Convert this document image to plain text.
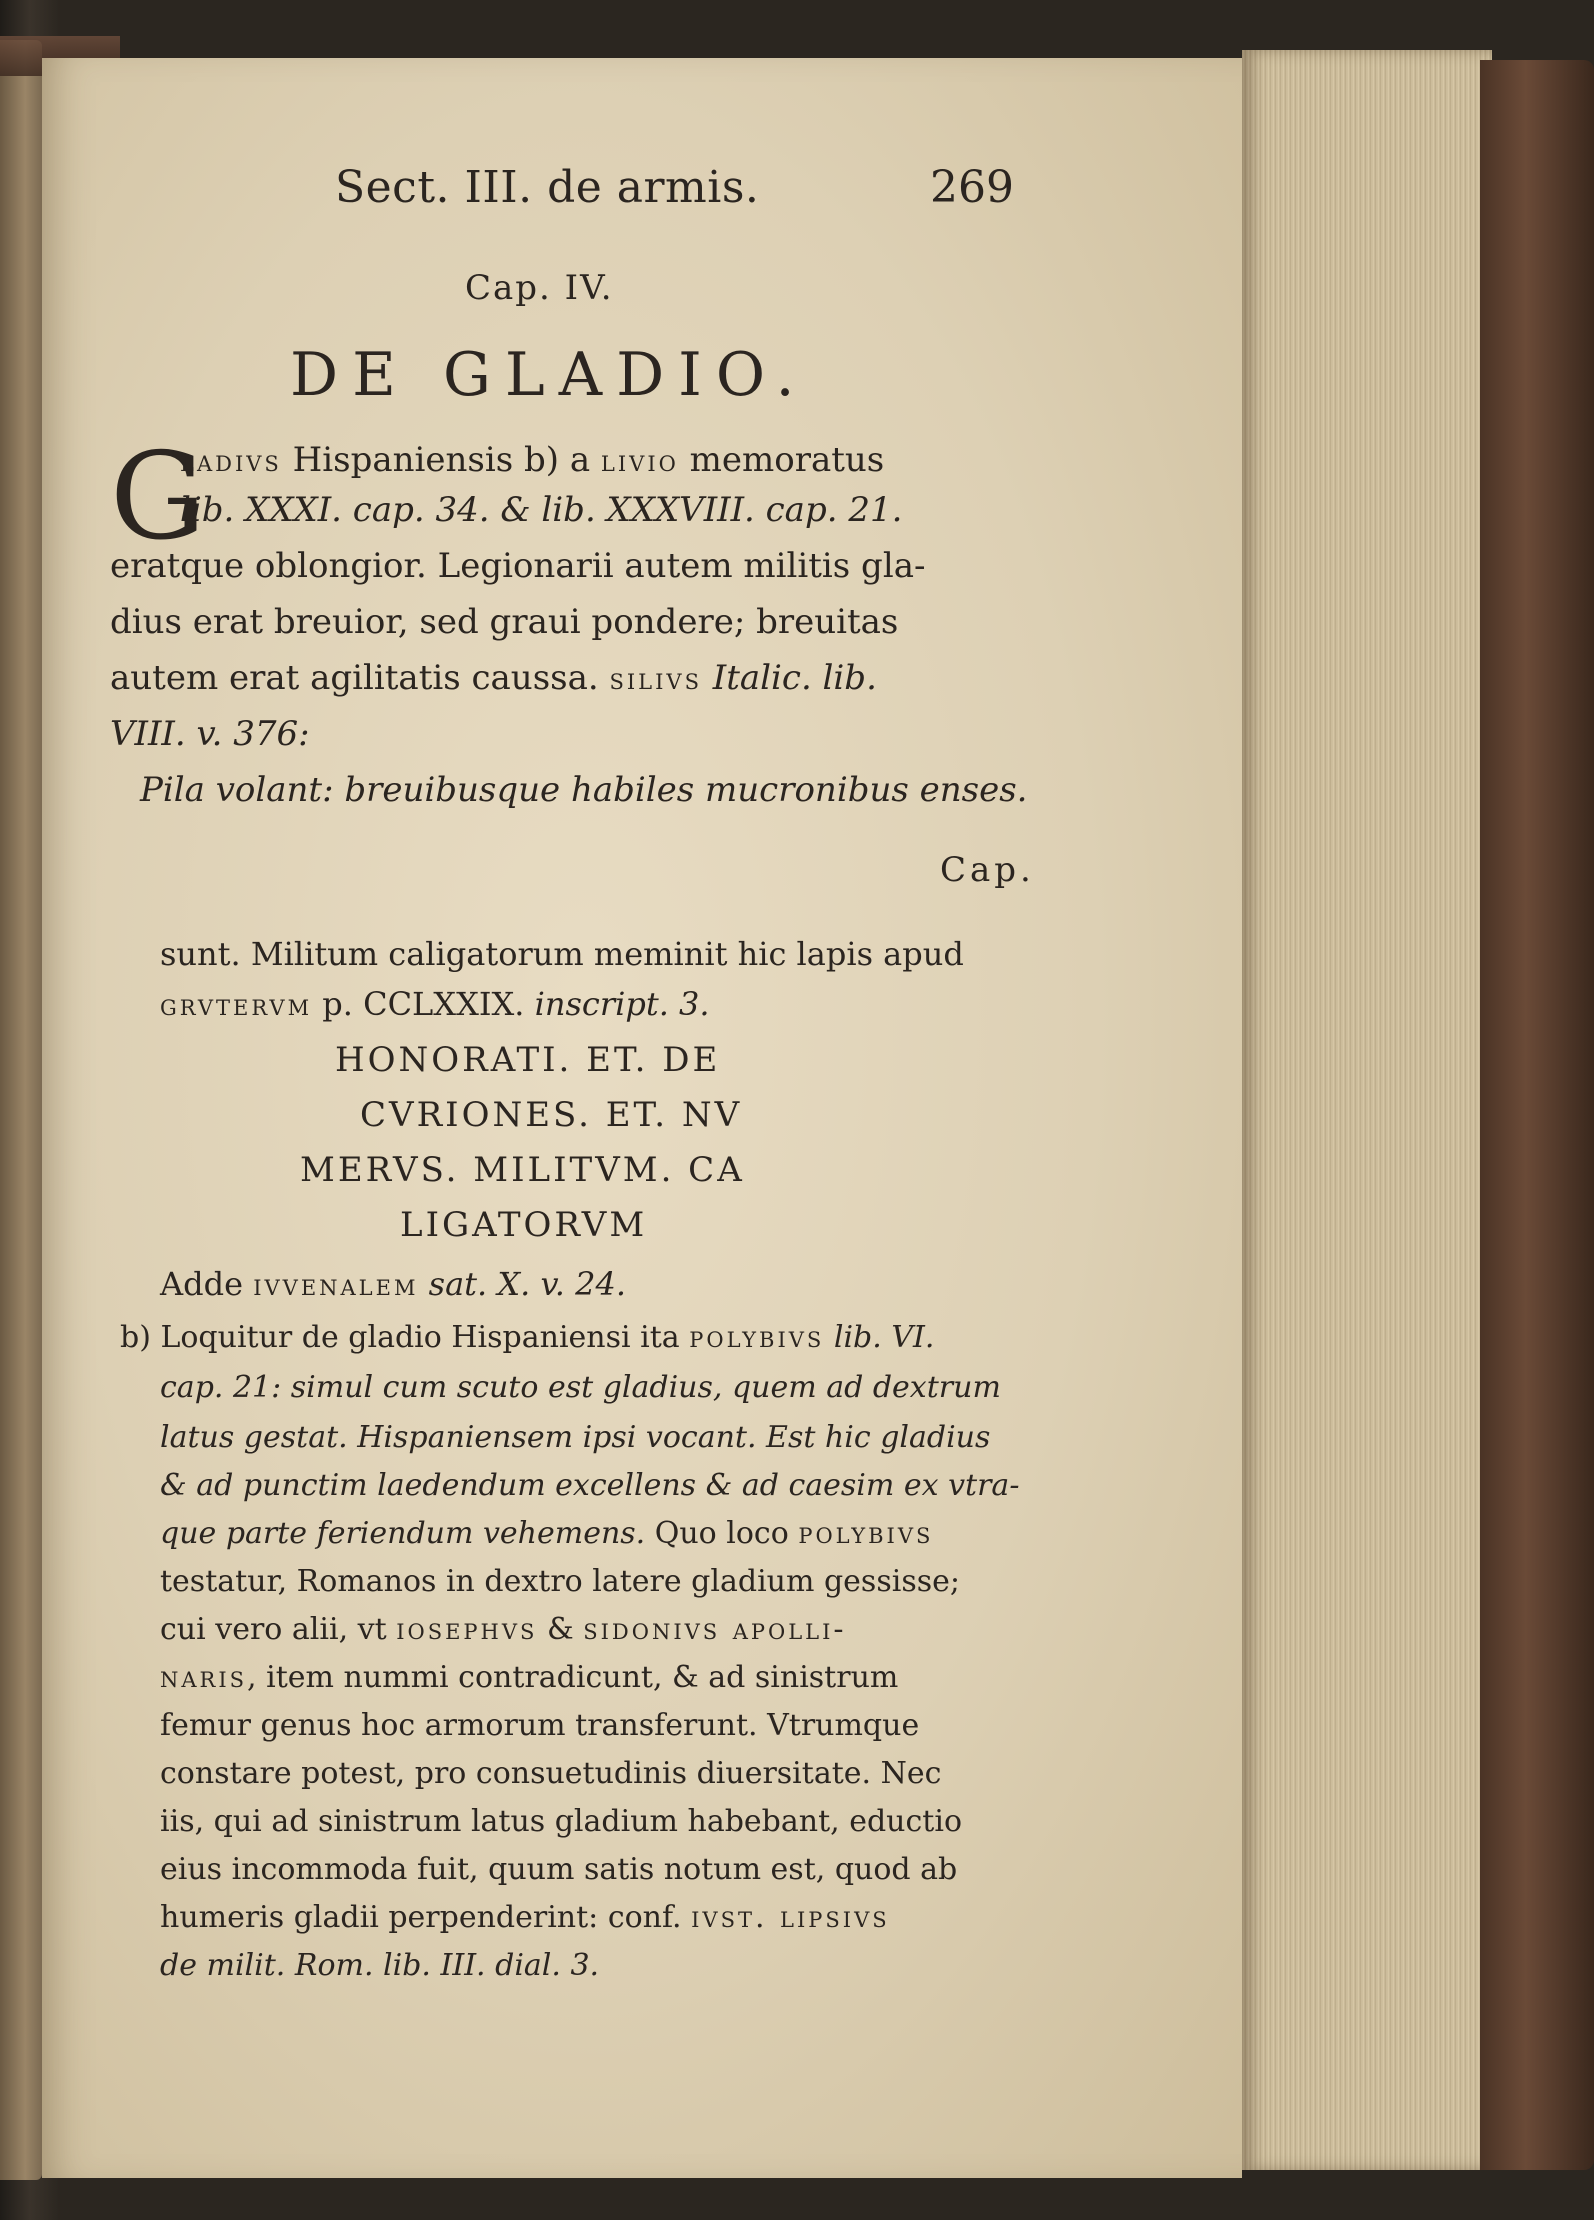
Sect. III. de armis.	269
Cap. IV.
DE GLADIO.
G
ladivs Hispaniensis b) a livio memoratus
lib. XXXI. cap. 34. & lib. XXXVIII. cap. 21.
eratque oblongior. Legionarii autem militis gla-
dius erat breuior, sed graui pondere; breuitas
autem erat agilitatis caussa. silivs Italic. lib.
VIII. v. 376:
Pila volant: breuibusque habiles mucronibus enses.
Cap.
sunt. Militum caligatorum meminit hic lapis apud
grvtervm p. CCLXXIX. inscript. 3.
HONORATI. ET. DE
CVRIONES. ET. NV
MERVS. MILITVM. CA
LIGATORVM
Adde ivvenalem sat. X. v. 24.
b) Loquitur de gladio Hispaniensi ita polybivs lib. VI.
cap. 21: simul cum scuto est gladius, quem ad dextrum
latus gestat. Hispaniensem ipsi vocant. Est hic gladius
& ad punctim laedendum excellens & ad caesim ex vtra-
que parte feriendum vehemens. Quo loco polybivs
testatur, Romanos in dextro latere gladium gessisse;
cui vero alii, vt iosephvs & sidonivs apolli-
naris, item nummi contradicunt, & ad sinistrum
femur genus hoc armorum transferunt. Vtrumque
constare potest, pro consuetudinis diuersitate. Nec
iis, qui ad sinistrum latus gladium habebant, eductio
eius incommoda fuit, quum satis notum est, quod ab
humeris gladii perpenderint: conf. ivst. lipsivs
de milit. Rom. lib. III. dial. 3.
